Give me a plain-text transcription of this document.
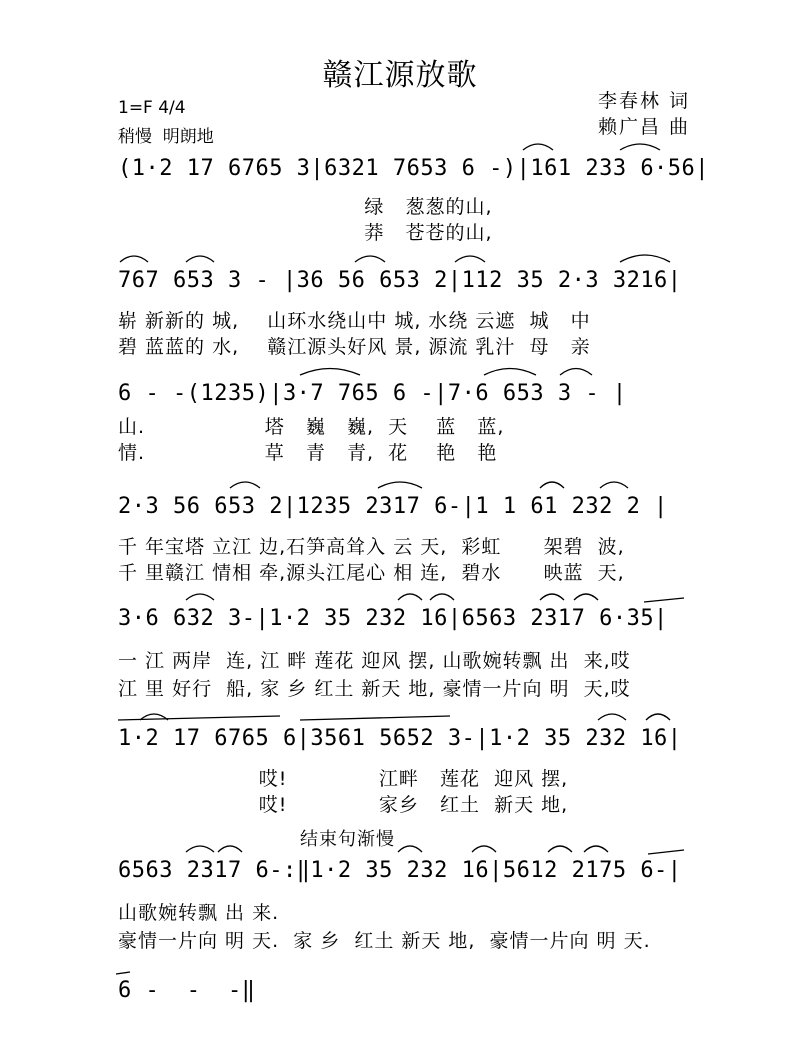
赣江源放歌
1=F 4/4
稍慢  明朗地
李春林 词
赖广昌 曲
(1·2 17 6765 3|6321 7653 6 -)|161 233 6·56|
绿   葱葱的山,
莽   苍苍的山,
767 653 3 - |36 56 653 2|112 35 2·3 3216|
崭 新新的 城,    山环水绕山中 城, 水绕 云遮  城   中
碧 蓝蓝的 水,    赣江源头好风 景, 源流 乳汁  母   亲
6 - -(1235)|3·7 765 6 -|7·6 653 3 - |
山.                 塔   巍   巍,  天    蓝   蓝,
情.                 草   青   青,  花    艳   艳
2·3 56 653 2|1235 2317 6-|1 1 61 232 2 |
千 年宝塔 立江 边,石笋高耸入 云 天,  彩虹      架碧  波,
千 里赣江 情相 牵,源头江尾心 相 连,  碧水      映蓝  天,
3·6 632 3-|1·2 35 232 16|6563 2317 6·35|
一 江 两岸  连, 江 畔 莲花 迎风 摆, 山歌婉转飘 出  来,哎
江 里 好行  船, 家 乡 红土 新天 地, 豪情一片向 明  天,哎
1·2 17 6765 6|3561 5652 3-|1·2 35 232 16|
哎!             江畔   莲花  迎风 摆,
哎!             家乡   红土  新天 地,
结束句渐慢
6563 2317 6-:‖1·2 35 232 16|5612 2175 6-|
山歌婉转飘 出 来.
豪情一片向 明 天.  家 乡  红土 新天 地,  豪情一片向 明 天.
6 -  -  -‖
